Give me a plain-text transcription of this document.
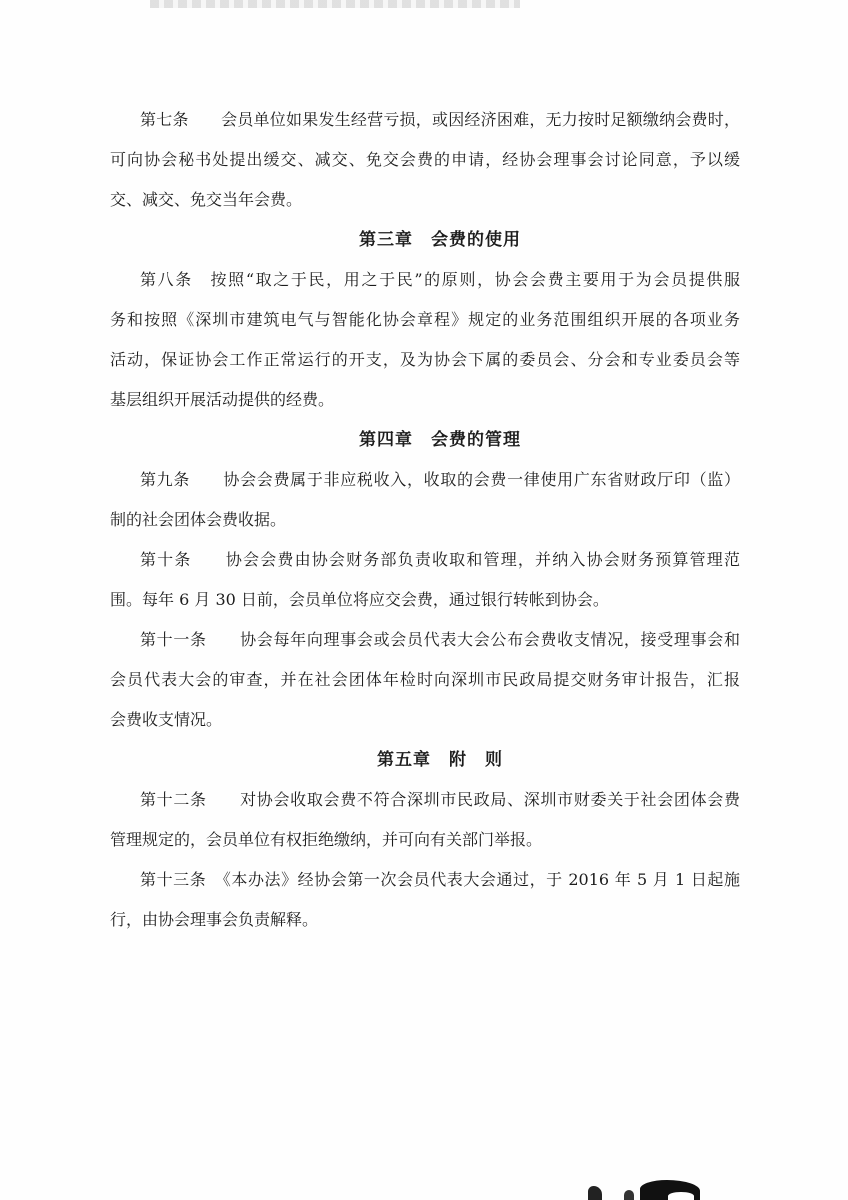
第七条　　会员单位如果发生经营亏损，或因经济困难，无力按时足额缴纳会费时，
可向协会秘书处提出缓交、减交、免交会费的申请，经协会理事会讨论同意，予以缓
交、减交、免交当年会费。
第三章　会费的使用
第八条　按照“取之于民，用之于民”的原则，协会会费主要用于为会员提供服
务和按照《深圳市建筑电气与智能化协会章程》规定的业务范围组织开展的各项业务
活动，保证协会工作正常运行的开支，及为协会下属的委员会、分会和专业委员会等
基层组织开展活动提供的经费。
第四章　会费的管理
第九条　　协会会费属于非应税收入，收取的会费一律使用广东省财政厅印（监）
制的社会团体会费收据。
第十条　　协会会费由协会财务部负责收取和管理，并纳入协会财务预算管理范
围。每年 6 月 30 日前，会员单位将应交会费，通过银行转帐到协会。
第十一条　　协会每年向理事会或会员代表大会公布会费收支情况，接受理事会和
会员代表大会的审查，并在社会团体年检时向深圳市民政局提交财务审计报告，汇报
会费收支情况。
第五章　附　则
第十二条　　对协会收取会费不符合深圳市民政局、深圳市财委关于社会团体会费
管理规定的，会员单位有权拒绝缴纳，并可向有关部门举报。
第十三条　《本办法》经协会第一次会员代表大会通过，于 2016 年 5 月 1 日起施
行，由协会理事会负责解释。
